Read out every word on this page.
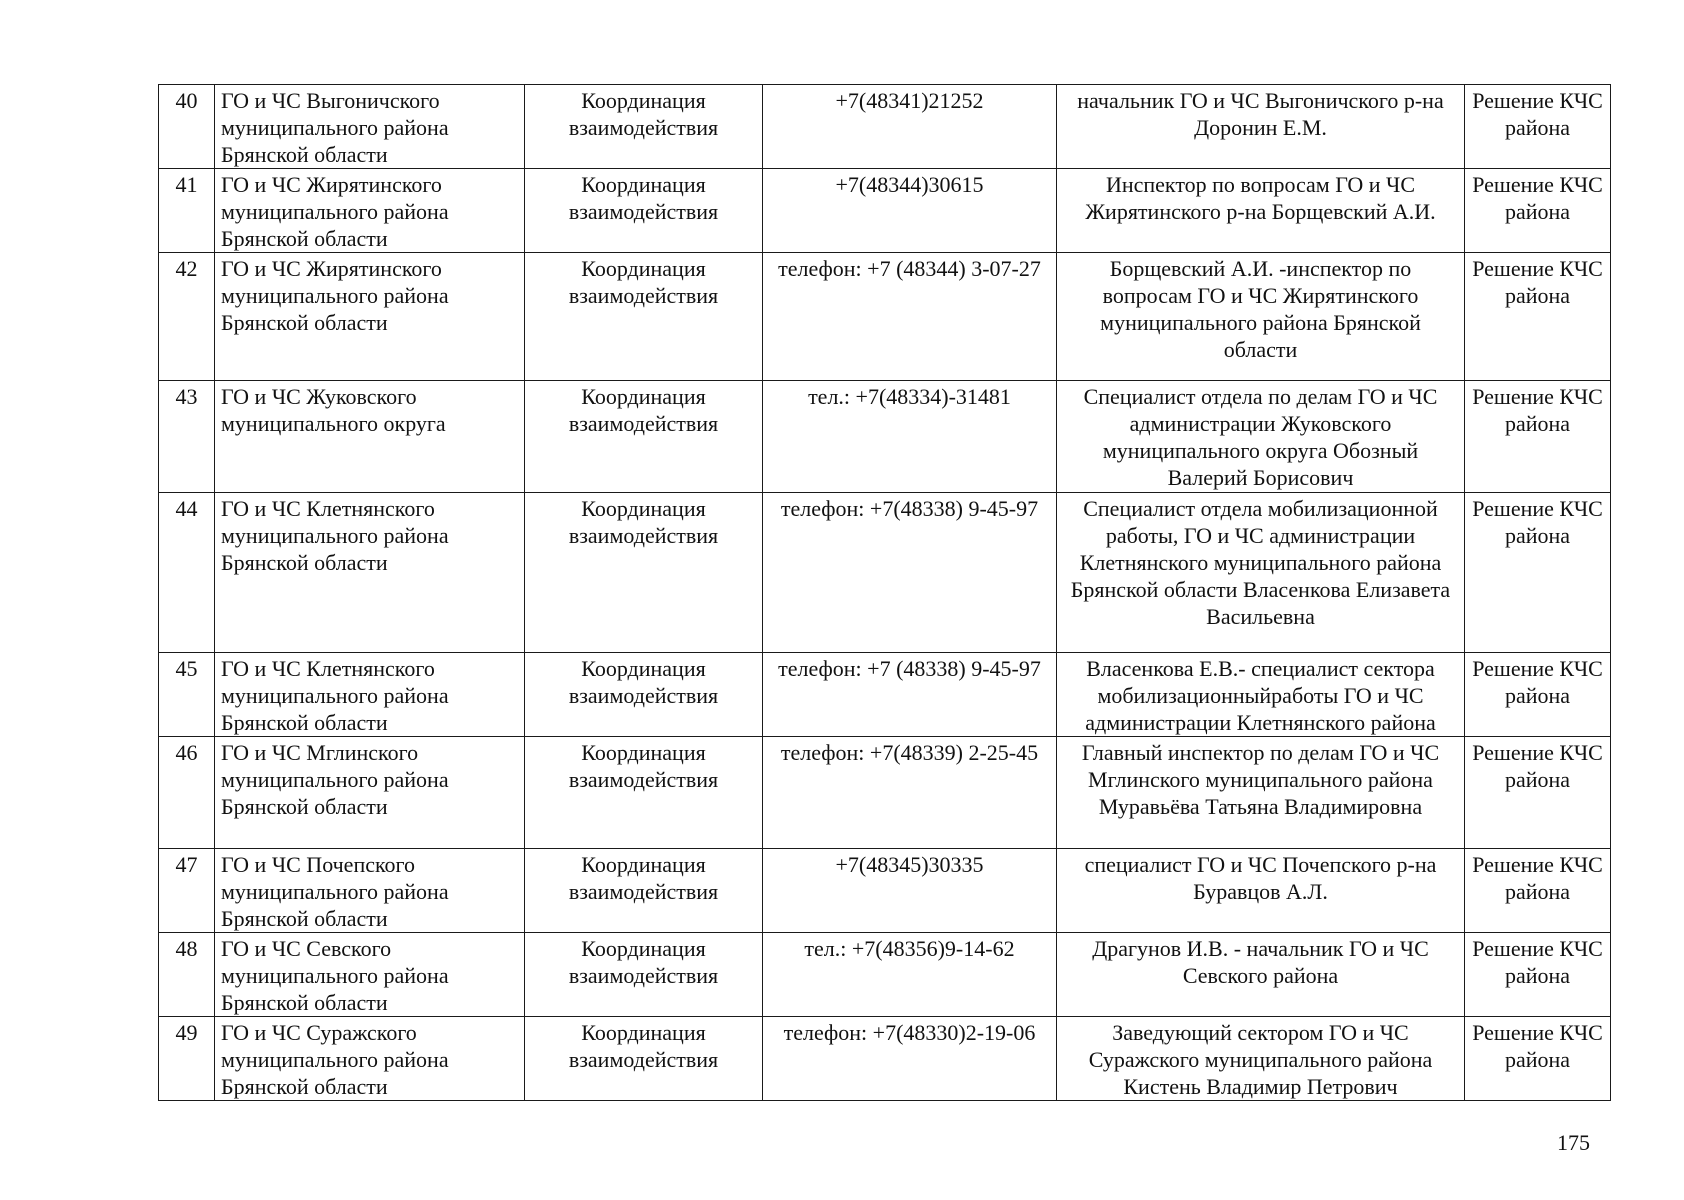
40	ГО и ЧС Выгоничского муниципального района Брянской области	Координация взаимодействия	+7(48341)21252	начальник ГО и ЧС Выгоничского р-на Доронин Е.М.	Решение КЧС района
41	ГО и ЧС Жирятинского муниципального района Брянской области	Координация взаимодействия	+7(48344)30615	Инспектор по вопросам ГО и ЧС Жирятинского р-на Борщевский А.И.	Решение КЧС района
42	ГО и ЧС Жирятинского муниципального района Брянской области	Координация взаимодействия	телефон: +7 (48344) 3-07-27	Борщевский А.И. -инспектор по вопросам ГО и ЧС Жирятинского муниципального района Брянской области	Решение КЧС района
43	ГО и ЧС Жуковского муниципального округа	Координация взаимодействия	тел.: +7(48334)-31481	Специалист отдела по делам ГО и ЧС администрации Жуковского муниципального округа Обозный Валерий Борисович	Решение КЧС района
44	ГО и ЧС Клетнянского муниципального района Брянской области	Координация взаимодействия	телефон: +7(48338) 9-45-97	Специалист отдела мобилизационной работы, ГО и ЧС администрации Клетнянского муниципального района Брянской области Власенкова Елизавета Васильевна	Решение КЧС района
45	ГО и ЧС Клетнянского муниципального района Брянской области	Координация взаимодействия	телефон: +7 (48338) 9-45-97	Власенкова Е.В.- специалист сектора мобилизационныйработы ГО и ЧС администрации Клетнянского района	Решение КЧС района
46	ГО и ЧС Мглинского муниципального района Брянской области	Координация взаимодействия	телефон: +7(48339) 2-25-45	Главный инспектор по делам ГО и ЧС Мглинского муниципального района Муравьёва Татьяна Владимировна	Решение КЧС района
47	ГО и ЧС Почепского муниципального района Брянской области	Координация взаимодействия	+7(48345)30335	специалист ГО и ЧС Почепского р-на Буравцов А.Л.	Решение КЧС района
48	ГО и ЧС Севского муниципального района Брянской области	Координация взаимодействия	тел.: +7(48356)9-14-62	Драгунов И.В. - начальник ГО и ЧС Севского района	Решение КЧС района
49	ГО и ЧС Суражского муниципального района Брянской области	Координация взаимодействия	телефон: +7(48330)2-19-06	Заведующий сектором ГО и ЧС Суражского муниципального района Кистень Владимир Петрович	Решение КЧС района
175
